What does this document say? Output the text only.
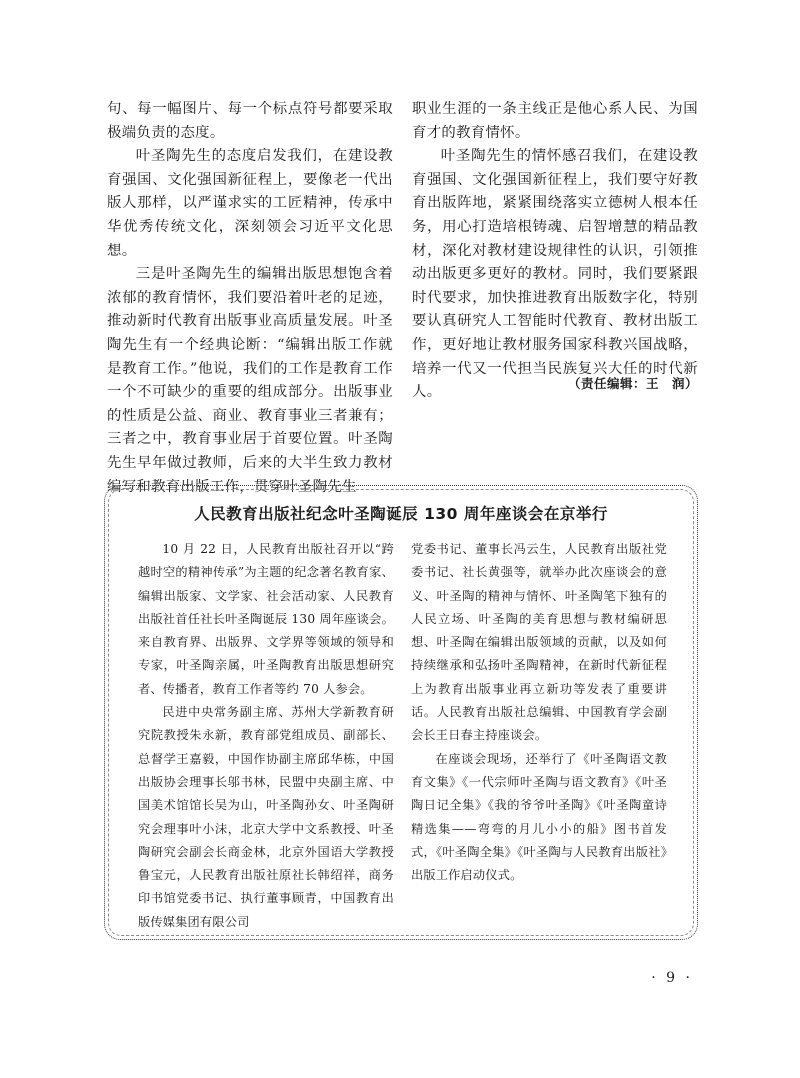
句、每一幅图片、每一个标点符号都要采取极端负责的态度。

叶圣陶先生的态度启发我们，在建设教育强国、文化强国新征程上，要像老一代出版人那样，以严谨求实的工匠精神，传承中华优秀传统文化，深刻领会习近平文化思想。

三是叶圣陶先生的编辑出版思想饱含着浓郁的教育情怀，我们要沿着叶老的足迹，推动新时代教育出版事业高质量发展。叶圣陶先生有一个经典论断：“编辑出版工作就是教育工作。”他说，我们的工作是教育工作一个不可缺少的重要的组成部分。出版事业的性质是公益、商业、教育事业三者兼有；三者之中，教育事业居于首要位置。叶圣陶先生早年做过教师，后来的大半生致力教材编写和教育出版工作，贯穿叶圣陶先生

职业生涯的一条主线正是他心系人民、为国育才的教育情怀。

叶圣陶先生的情怀感召我们，在建设教育强国、文化强国新征程上，我们要守好教育出版阵地，紧紧围绕落实立德树人根本任务，用心打造培根铸魂、启智增慧的精品教材，深化对教材建设规律性的认识，引领推动出版更多更好的教材。同时，我们要紧跟时代要求，加快推进教育出版数字化，特别要认真研究人工智能时代教育、教材出版工作，更好地让教材服务国家科教兴国战略，培养一代又一代担当民族复兴大任的时代新人。

（责任编辑：王　润）
人民教育出版社纪念叶圣陶诞辰 130 周年座谈会在京举行

10 月 22 日，人民教育出版社召开以“跨越时空的精神传承”为主题的纪念著名教育家、编辑出版家、文学家、社会活动家、人民教育出版社首任社长叶圣陶诞辰 130 周年座谈会。来自教育界、出版界、文学界等领域的领导和专家，叶圣陶亲属，叶圣陶教育出版思想研究者、传播者，教育工作者等约 70 人参会。

民进中央常务副主席、苏州大学新教育研究院教授朱永新，教育部党组成员、副部长、总督学王嘉毅，中国作协副主席邱华栋，中国出版协会理事长邬书林，民盟中央副主席、中国美术馆馆长吴为山，叶圣陶孙女、叶圣陶研究会理事叶小沫，北京大学中文系教授、叶圣陶研究会副会长商金林，北京外国语大学教授鲁宝元，人民教育出版社原社长韩绍祥，商务印书馆党委书记、执行董事顾青，中国教育出版传媒集团有限公司

党委书记、董事长冯云生，人民教育出版社党委书记、社长黄强等，就举办此次座谈会的意义、叶圣陶的精神与情怀、叶圣陶笔下独有的人民立场、叶圣陶的美育思想与教材编研思想、叶圣陶在编辑出版领域的贡献，以及如何持续继承和弘扬叶圣陶精神，在新时代新征程上为教育出版事业再立新功等发表了重要讲话。人民教育出版社总编辑、中国教育学会副会长王日春主持座谈会。

在座谈会现场，还举行了《叶圣陶语文教育文集》《一代宗师叶圣陶与语文教育》《叶圣陶日记全集》《我的爷爷叶圣陶》《叶圣陶童诗精选集——弯弯的月儿小小的船》图书首发式，《叶圣陶全集》《叶圣陶与人民教育出版社》出版工作启动仪式。

· 9 ·
